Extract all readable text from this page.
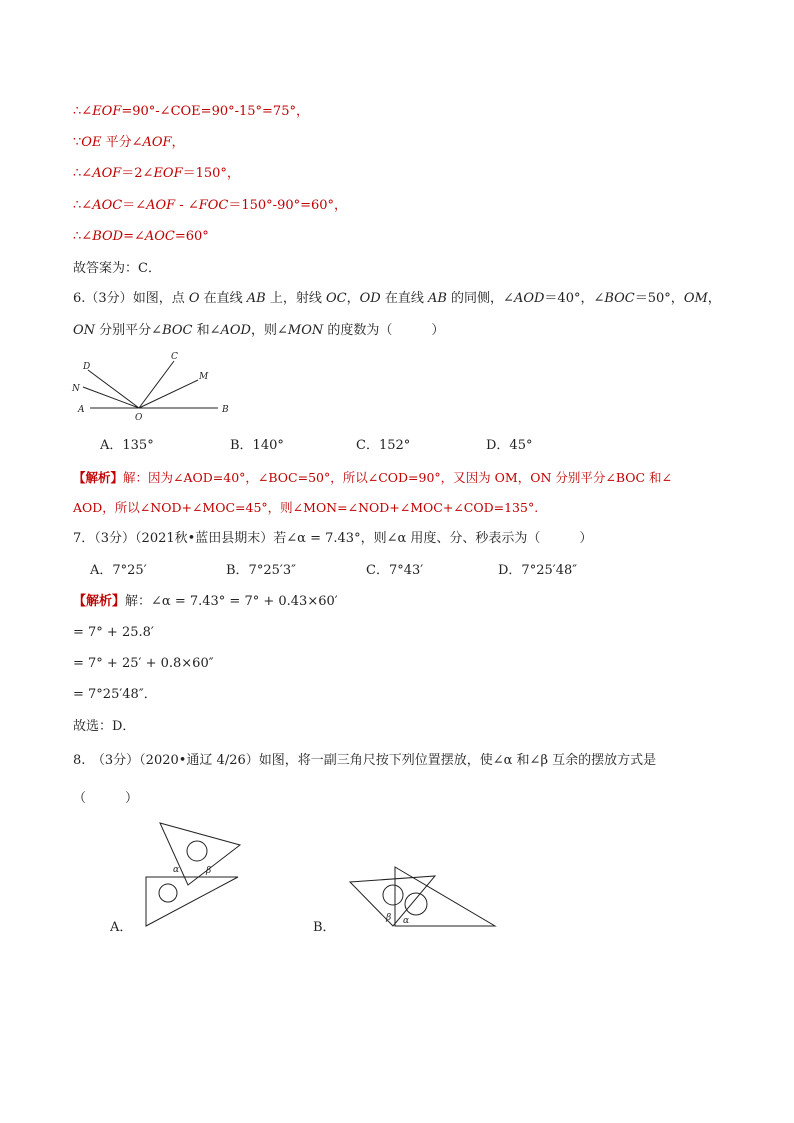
∴∠EOF=90°-∠COE=90°-15°=75°，
∵OE 平分∠AOF，
∴∠AOF＝2∠EOF＝150°，
∴∠AOC＝∠AOF - ∠FOC＝150°-90°=60°，
∴∠BOD=∠AOC=60°
故答案为：C．
6.（3分）如图，点 O 在直线 AB 上，射线 OC，OD 在直线 AB 的同侧，∠AOD＝40°，∠BOC＝50°，OM，
ON 分别平分∠BOC 和∠AOD，则∠MON 的度数为（　　　）
D
N
A
O
C
M
B
A．135°	B．140°	C．152°	D．45°
【解析】解：因为∠AOD=40°，∠BOC=50°，所以∠COD=90°，又因为 OM，ON 分别平分∠BOC 和∠
AOD，所以∠NOD+∠MOC=45°，则∠MON=∠NOD+∠MOC+∠COD=135°.
7．（3分）（2021秋•蓝田县期末）若∠α = 7.43°，则∠α 用度、分、秒表示为（　　　）
A．7°25′	B．7°25′3″	C．7°43′	D．7°25′48″
【解析】解：∠α = 7.43° = 7° + 0.43×60′
= 7° + 25.8′
= 7° + 25′ + 0.8×60″
= 7°25′48″．
故选：D．
8.　（3分）（2020•通辽 4/26）如图，将一副三角尺按下列位置摆放，使∠α 和∠β 互余的摆放方式是
（　　　）
α	β
A．
β α
B．
